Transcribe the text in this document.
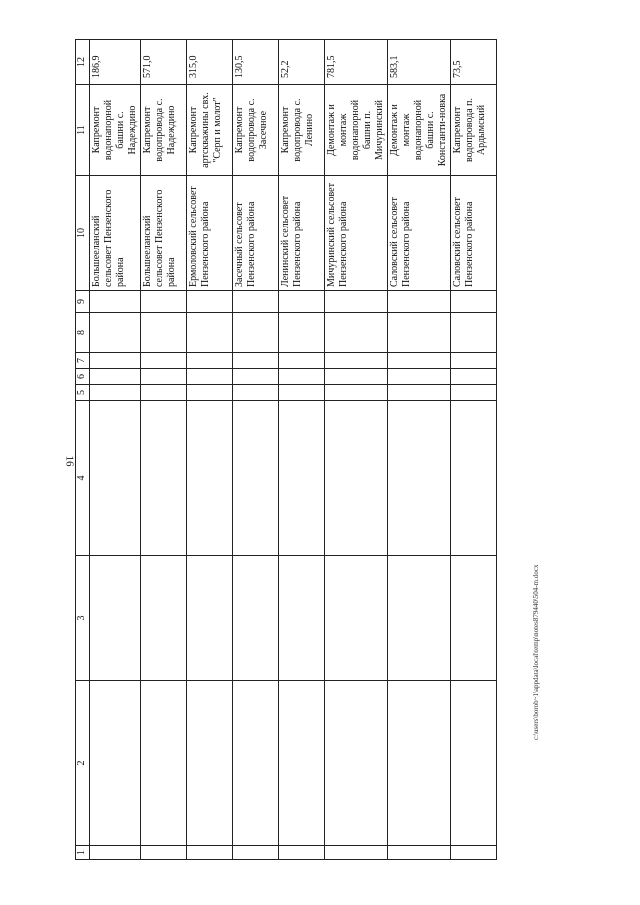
16
1	2	3	4	5	6	7	8	9	10	11	12
									Большееланский сельсовет Пензенского района	Капремонт водонапорной башни с. Надеждино	186,9
									Большееланский сельсовет Пензенского района	Капремонт водопровода с. Надеждино	571,0
									Ермоловский сельсовет Пензенского района	Капремонт артскважины свх. "Серп и молот"	315,0
									Засечный сельсовет Пензенского района	Капремонт водопровода с. Засечное	130,5
									Ленинский сельсовет Пензенского района	Капремонт водопровода с. Ленино	52,2
									Мичуринский сельсовет Пензенского района	Демонтаж и монтаж водонапорной башни п. Мичуринский	781,5
									Саловский сельсовет Пензенского района	Демонтаж и монтаж водонапорной башни с. Константи-новка	583,1
									Саловский сельсовет Пензенского района	Капремонт водопровода п. Ардымский	73,5
c:\users\borob~1\appdata\local\temp\notes879440\504-m.docx
